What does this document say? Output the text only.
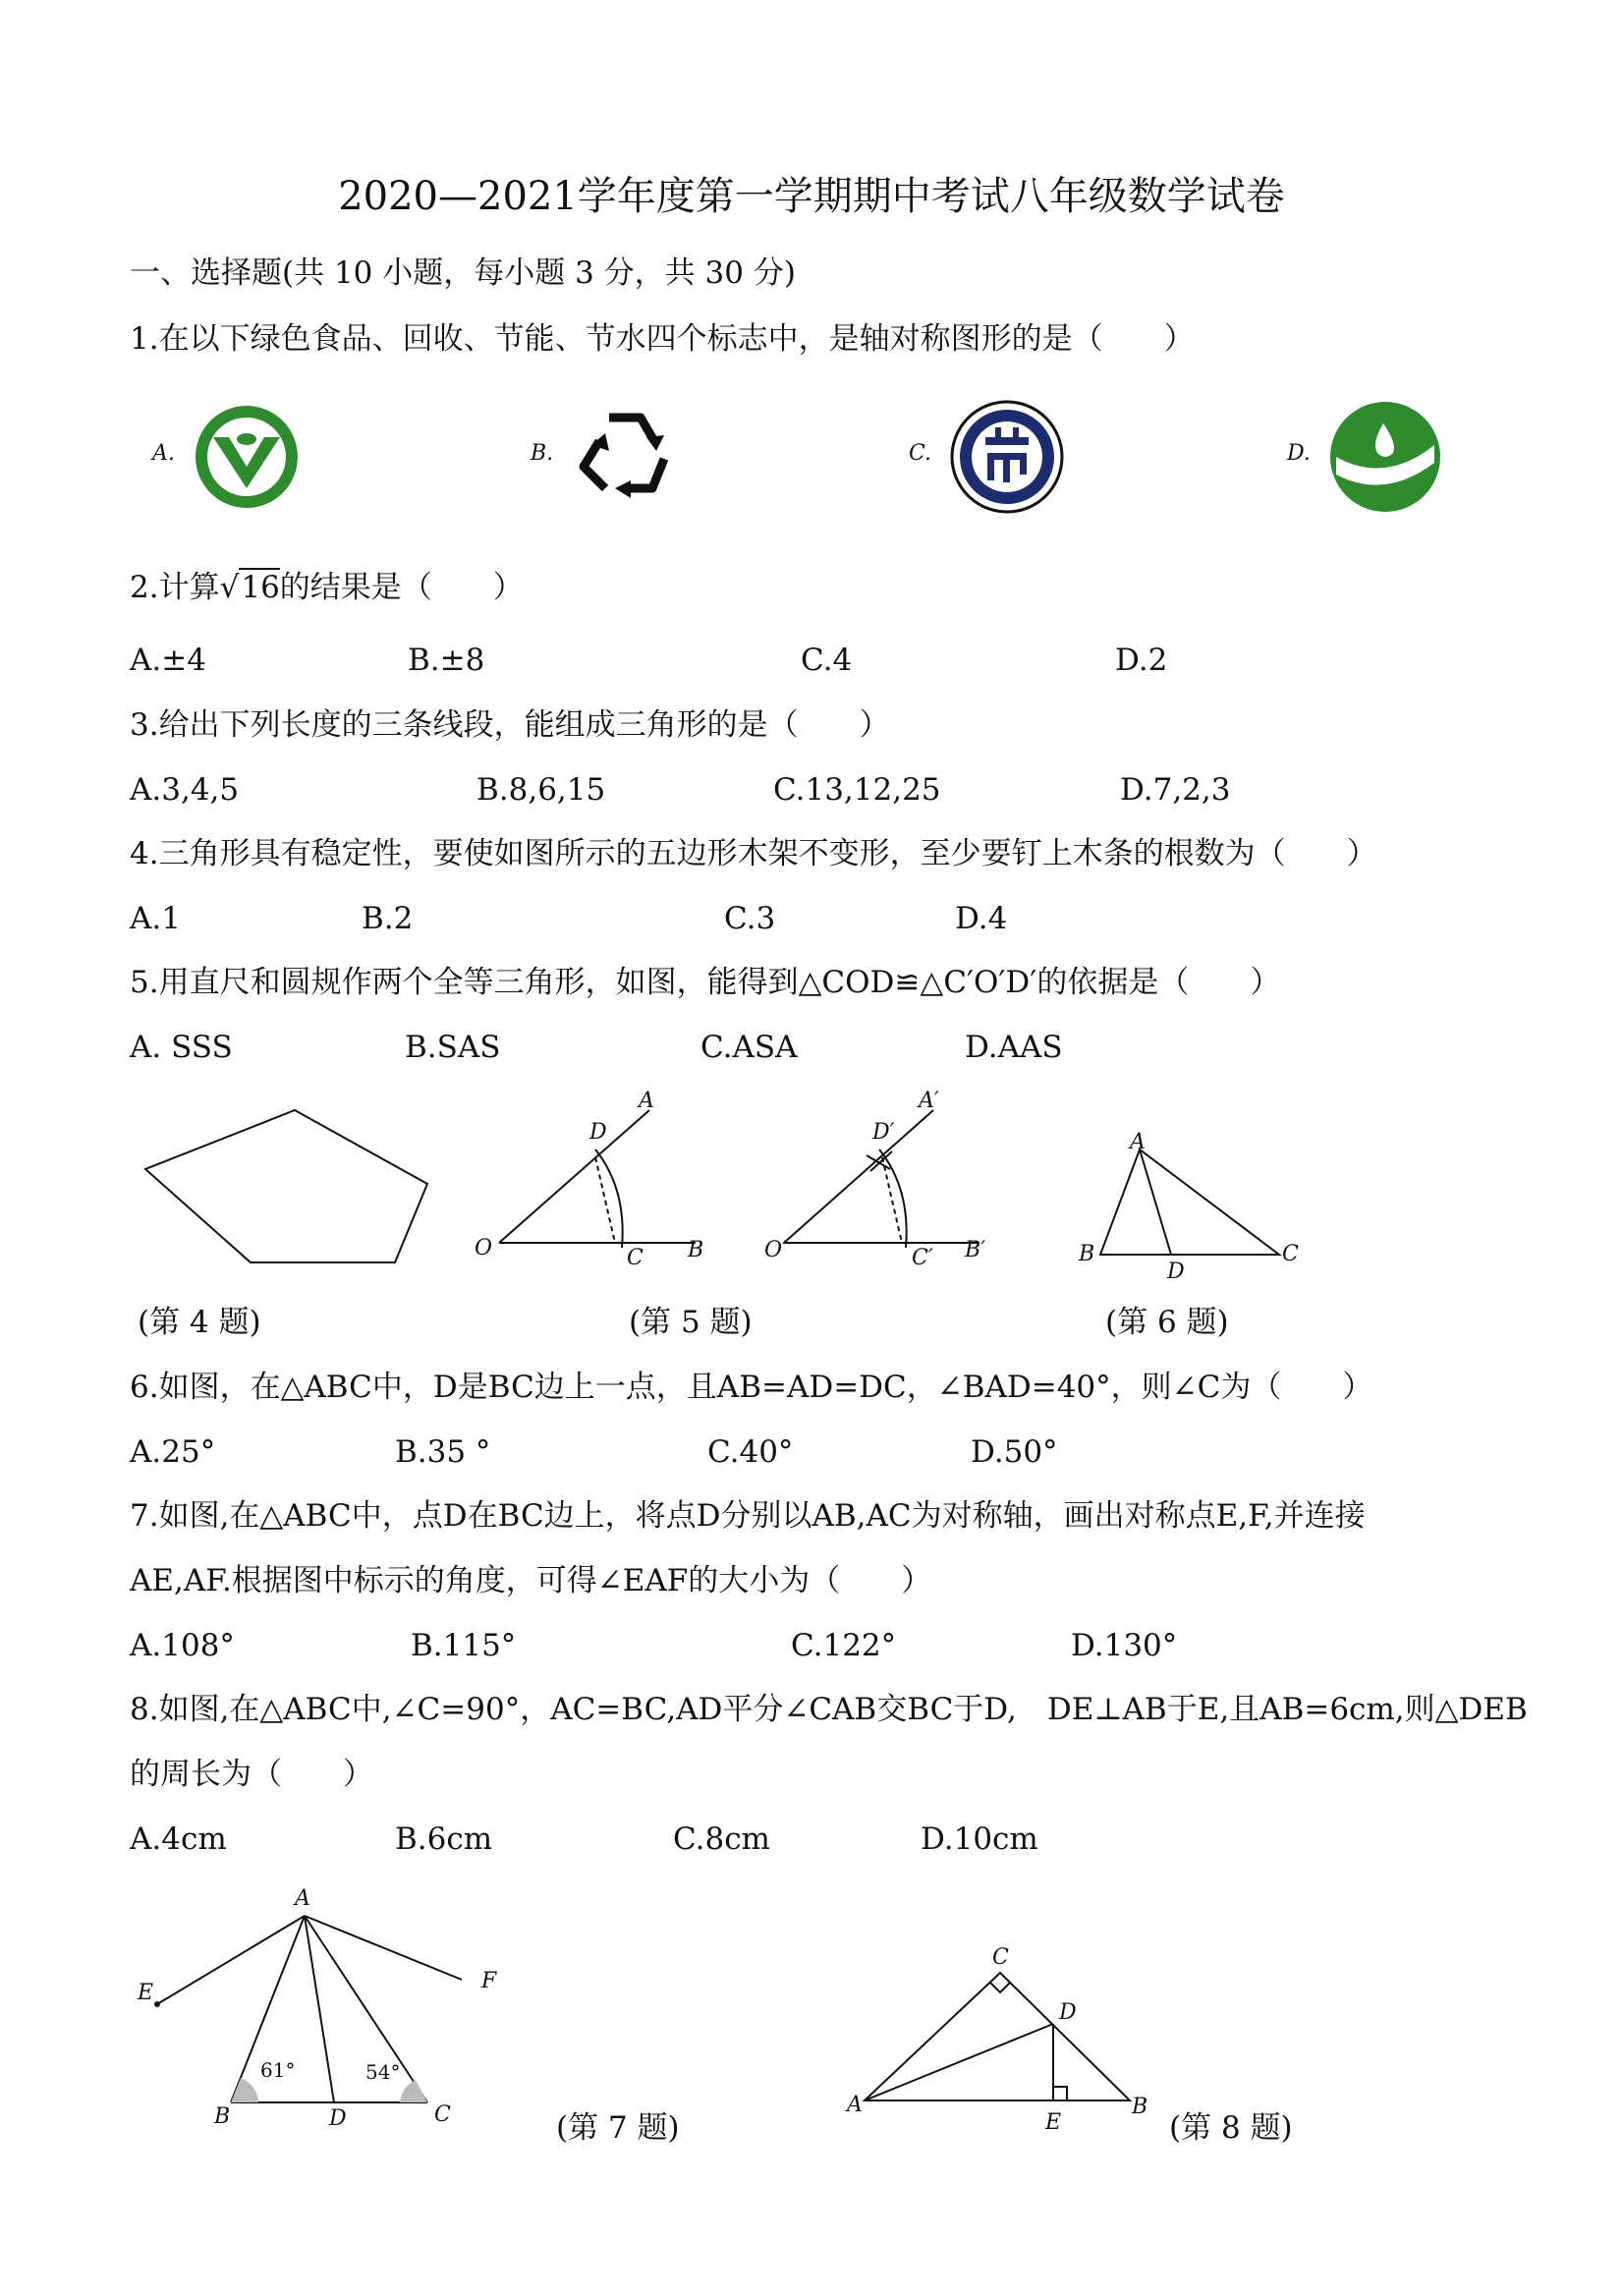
2020—2021学年度第一学期期中考试八年级数学试卷
一、选择题(共 10 小题，每小题 3 分，共 30 分)
1.在以下绿色食品、回收、节能、节水四个标志中，是轴对称图形的是（　　）
A.	B.	C.	D.
2.计算√16的结果是（　　）
A.±4	B.±8	C.4	D.2
3.给出下列长度的三条线段，能组成三角形的是（　　）
A.3,4,5	B.8,6,15	C.13,12,25	D.7,2,3
4.三角形具有稳定性，要使如图所示的五边形木架不变形，至少要钉上木条的根数为（　　）
A.1	B.2	C.3	D.4
5.用直尺和圆规作两个全等三角形，如图，能得到△COD≌△C′O′D′的依据是（　　）
A. SSS	B.SAS	C.ASA	D.AAS
A
D
O	C B
A′
D′
O′	C′ B′
A
B
D
C
(第 4 题)	(第 5 题)	(第 6 题)
6.如图，在△ABC中，D是BC边上一点，且AB=AD=DC，∠BAD=40°，则∠C为（　　）
A.25°	B.35 °	C.40°	D.50°
7.如图,在△ABC中，点D在BC边上，将点D分别以AB,AC为对称轴，画出对称点E,F,并连接
AE,AF.根据图中标示的角度，可得∠EAF的大小为（　　）
A.108°	B.115°	C.122°	D.130°
8.如图,在△ABC中,∠C=90°，AC=BC,AD平分∠CAB交BC于D,　DE⊥AB于E,且AB=6cm,则△DEB
的周长为（　　）
A.4cm	B.6cm	C.8cm	D.10cm
A
E	F
B	D	C
61°	54°
(第 7 题)
C
D
A
E
B
(第 8 题)
